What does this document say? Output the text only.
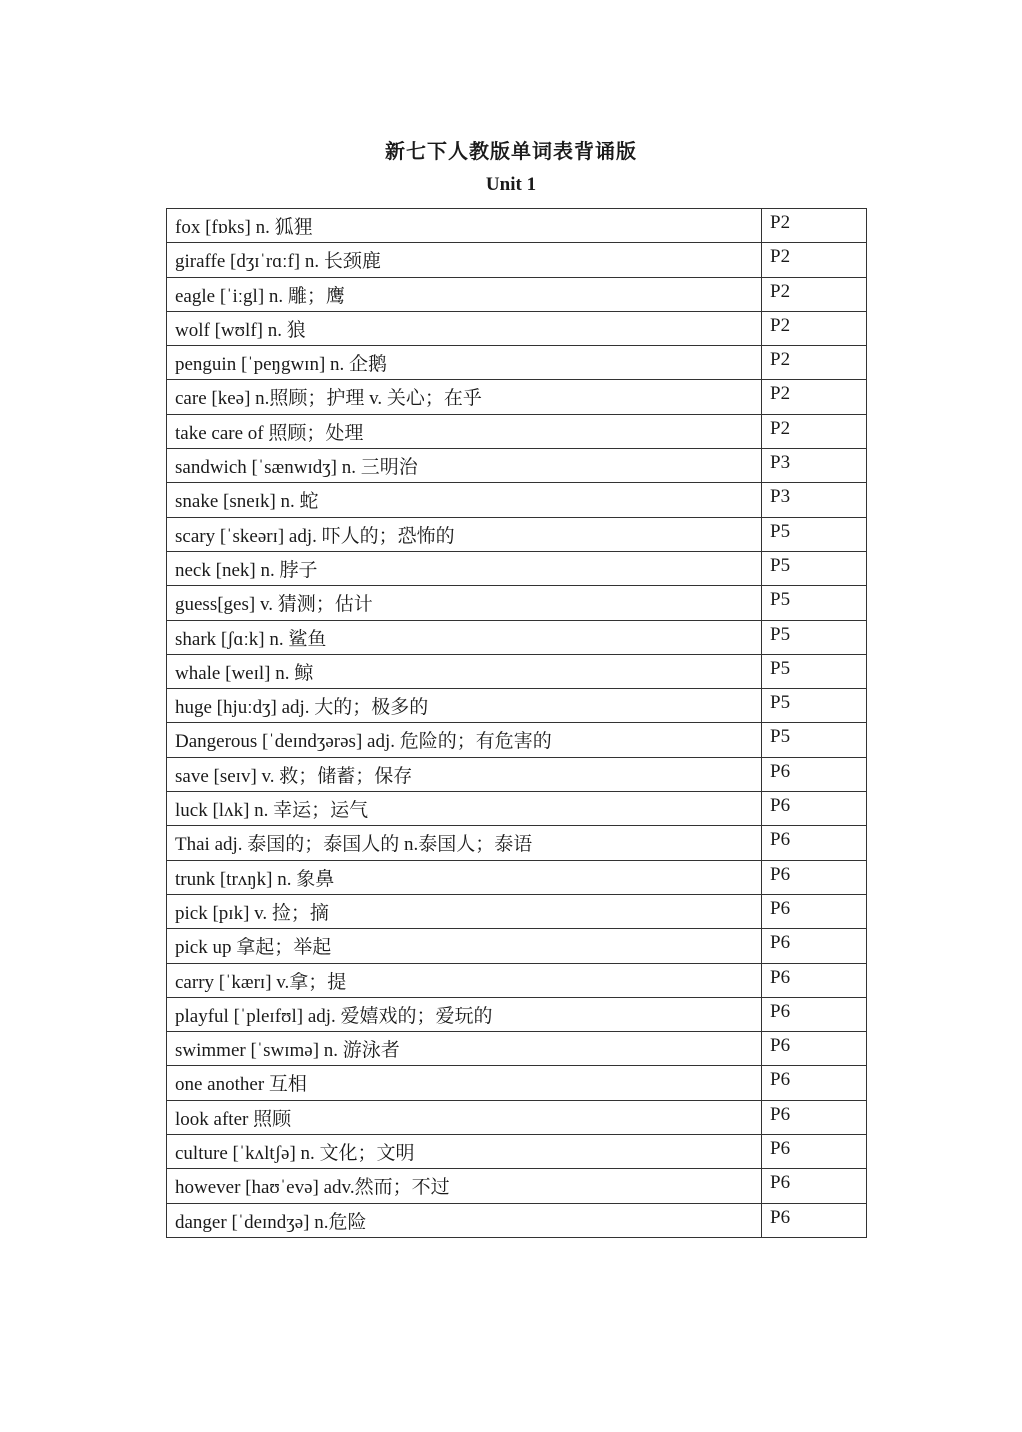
新七下人教版单词表背诵版
Unit 1
fox [fɒks] n. 狐狸	P2
giraffe [dʒɪˈrɑːf] n. 长颈鹿	P2
eagle [ˈiːgl] n. 雕；鹰	P2
wolf [wʊlf] n. 狼	P2
penguin [ˈpeŋgwɪn] n. 企鹅	P2
care [keə] n.照顾；护理 v. 关心；在乎	P2
take care of 照顾；处理	P2
sandwich [ˈsænwɪdʒ] n. 三明治	P3
snake [sneɪk] n. 蛇	P3
scary [ˈskeərɪ] adj. 吓人的；恐怖的	P5
neck [nek] n. 脖子	P5
guess[ges] v. 猜测；估计	P5
shark [ʃɑːk] n. 鲨鱼	P5
whale [weɪl] n. 鲸	P5
huge [hjuːdʒ] adj. 大的；极多的	P5
Dangerous [ˈdeɪndʒərəs] adj. 危险的；有危害的	P5
save [seɪv] v. 救；储蓄；保存	P6
luck [lʌk] n. 幸运；运气	P6
Thai adj. 泰国的；泰国人的 n.泰国人；泰语	P6
trunk [trʌŋk] n. 象鼻	P6
pick [pɪk] v. 捡；摘	P6
pick up 拿起；举起	P6
carry [ˈkærɪ] v.拿；提	P6
playful [ˈpleɪfʊl] adj. 爱嬉戏的；爱玩的	P6
swimmer [ˈswɪmə] n. 游泳者	P6
one another 互相	P6
look after 照顾	P6
culture [ˈkʌltʃə] n. 文化；文明	P6
however [haʊˈevə] adv.然而；不过	P6
danger [ˈdeɪndʒə] n.危险	P6
